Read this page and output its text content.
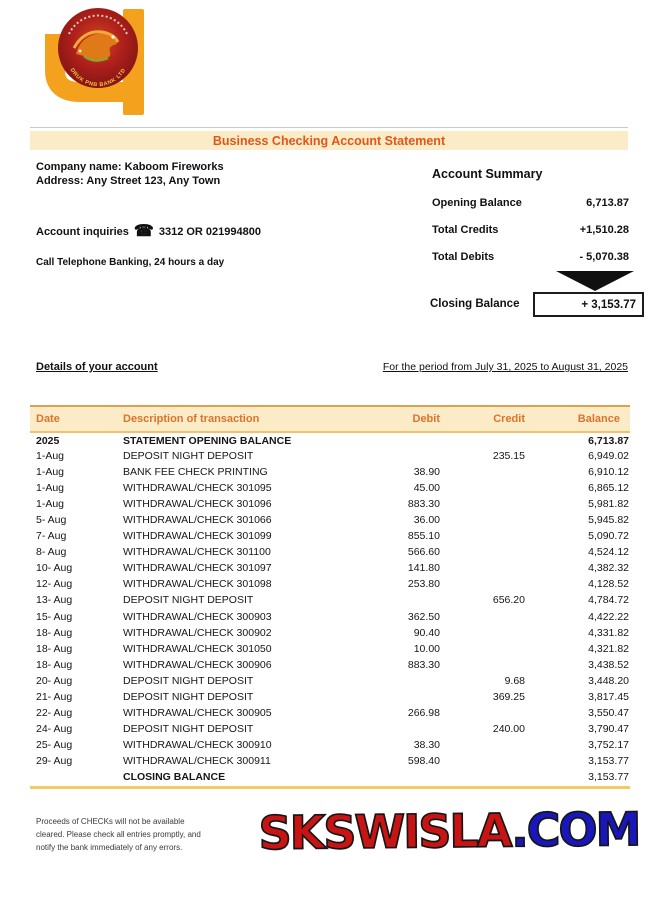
DRUK PNB BANK LTD
Business Checking Account Statement
Company name: Kaboom Fireworks
Address: Any Street 123, Any Town
Account inquiries ☎ 3312 OR 021994800
Call Telephone Banking, 24 hours a day
Account Summary
Opening Balance	6,713.87
Total Credits	+1,510.28
Total Debits	- 5,070.38
Closing Balance	+ 3,153.77
Details of your account	For the period from July 31, 2025 to August 31, 2025
Date	Description of transaction	Debit	Credit	Balance
2025	STATEMENT OPENING BALANCE			6,713.87
1-Aug	DEPOSIT NIGHT DEPOSIT		235.15	6,949.02
1-Aug	BANK FEE CHECK PRINTING	38.90		6,910.12
1-Aug	WITHDRAWAL/CHECK 301095	45.00		6,865.12
1-Aug	WITHDRAWAL/CHECK 301096	883.30		5,981.82
5- Aug	WITHDRAWAL/CHECK 301066	36.00		5,945.82
7- Aug	WITHDRAWAL/CHECK 301099	855.10		5,090.72
8- Aug	WITHDRAWAL/CHECK 301100	566.60		4,524.12
10- Aug	WITHDRAWAL/CHECK 301097	141.80		4,382.32
12- Aug	WITHDRAWAL/CHECK 301098	253.80		4,128.52
13- Aug	DEPOSIT NIGHT DEPOSIT		656.20	4,784.72
15- Aug	WITHDRAWAL/CHECK 300903	362.50		4,422.22
18- Aug	WITHDRAWAL/CHECK 300902	90.40		4,331.82
18- Aug	WITHDRAWAL/CHECK 301050	10.00		4,321.82
18- Aug	WITHDRAWAL/CHECK 300906	883.30		3,438.52
20- Aug	DEPOSIT NIGHT DEPOSIT		9.68	3,448.20
21- Aug	DEPOSIT NIGHT DEPOSIT		369.25	3,817.45
22- Aug	WITHDRAWAL/CHECK 300905	266.98		3,550.47
24- Aug	DEPOSIT NIGHT DEPOSIT		240.00	3,790.47
25- Aug	WITHDRAWAL/CHECK 300910	38.30		3,752.17
29- Aug	WITHDRAWAL/CHECK 300911	598.40		3,153.77
	CLOSING BALANCE			3,153.77
Proceeds of CHECKs will not be available
cleared. Please check all entries promptly, and
notify the bank immediately of any errors.	SKSWISLA.COM
